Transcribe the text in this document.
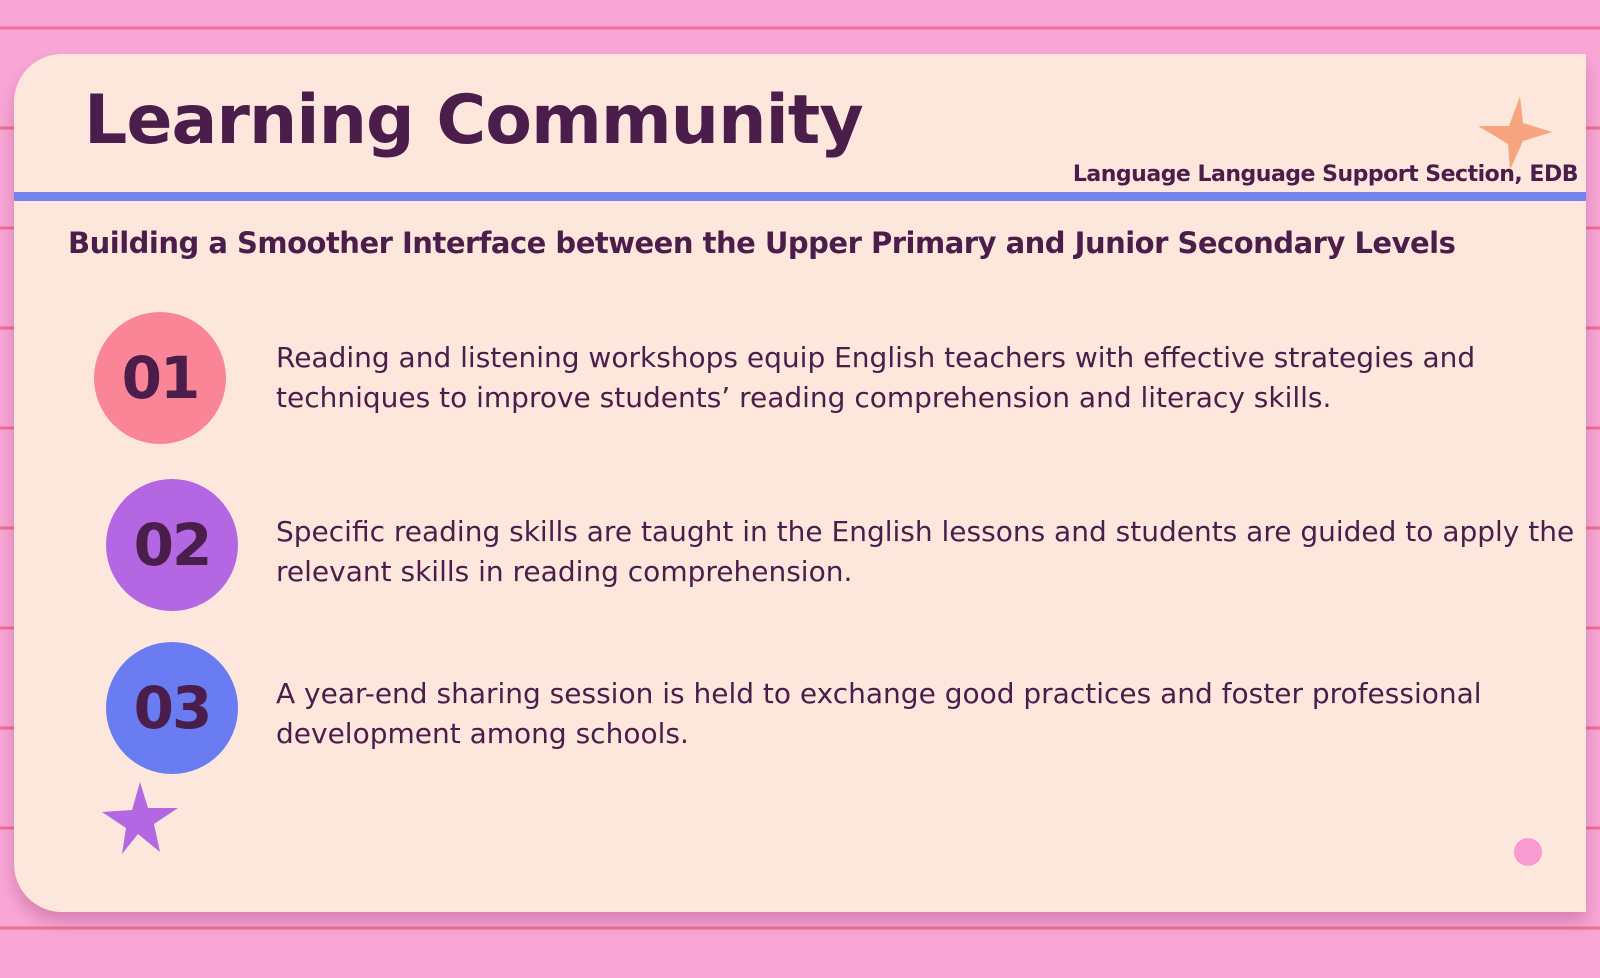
Learning Community
Language Language Support Section, EDB
Building a Smoother Interface between the Upper Primary and Junior Secondary Levels
01	Reading and listening workshops equip English teachers with effective strategies and techniques to improve students’ reading comprehension and literacy skills.

02	Specific reading skills are taught in the English lessons and students are guided to apply the relevant skills in reading comprehension.

03	A year-end sharing session is held to exchange good practices and foster professional development among schools.
